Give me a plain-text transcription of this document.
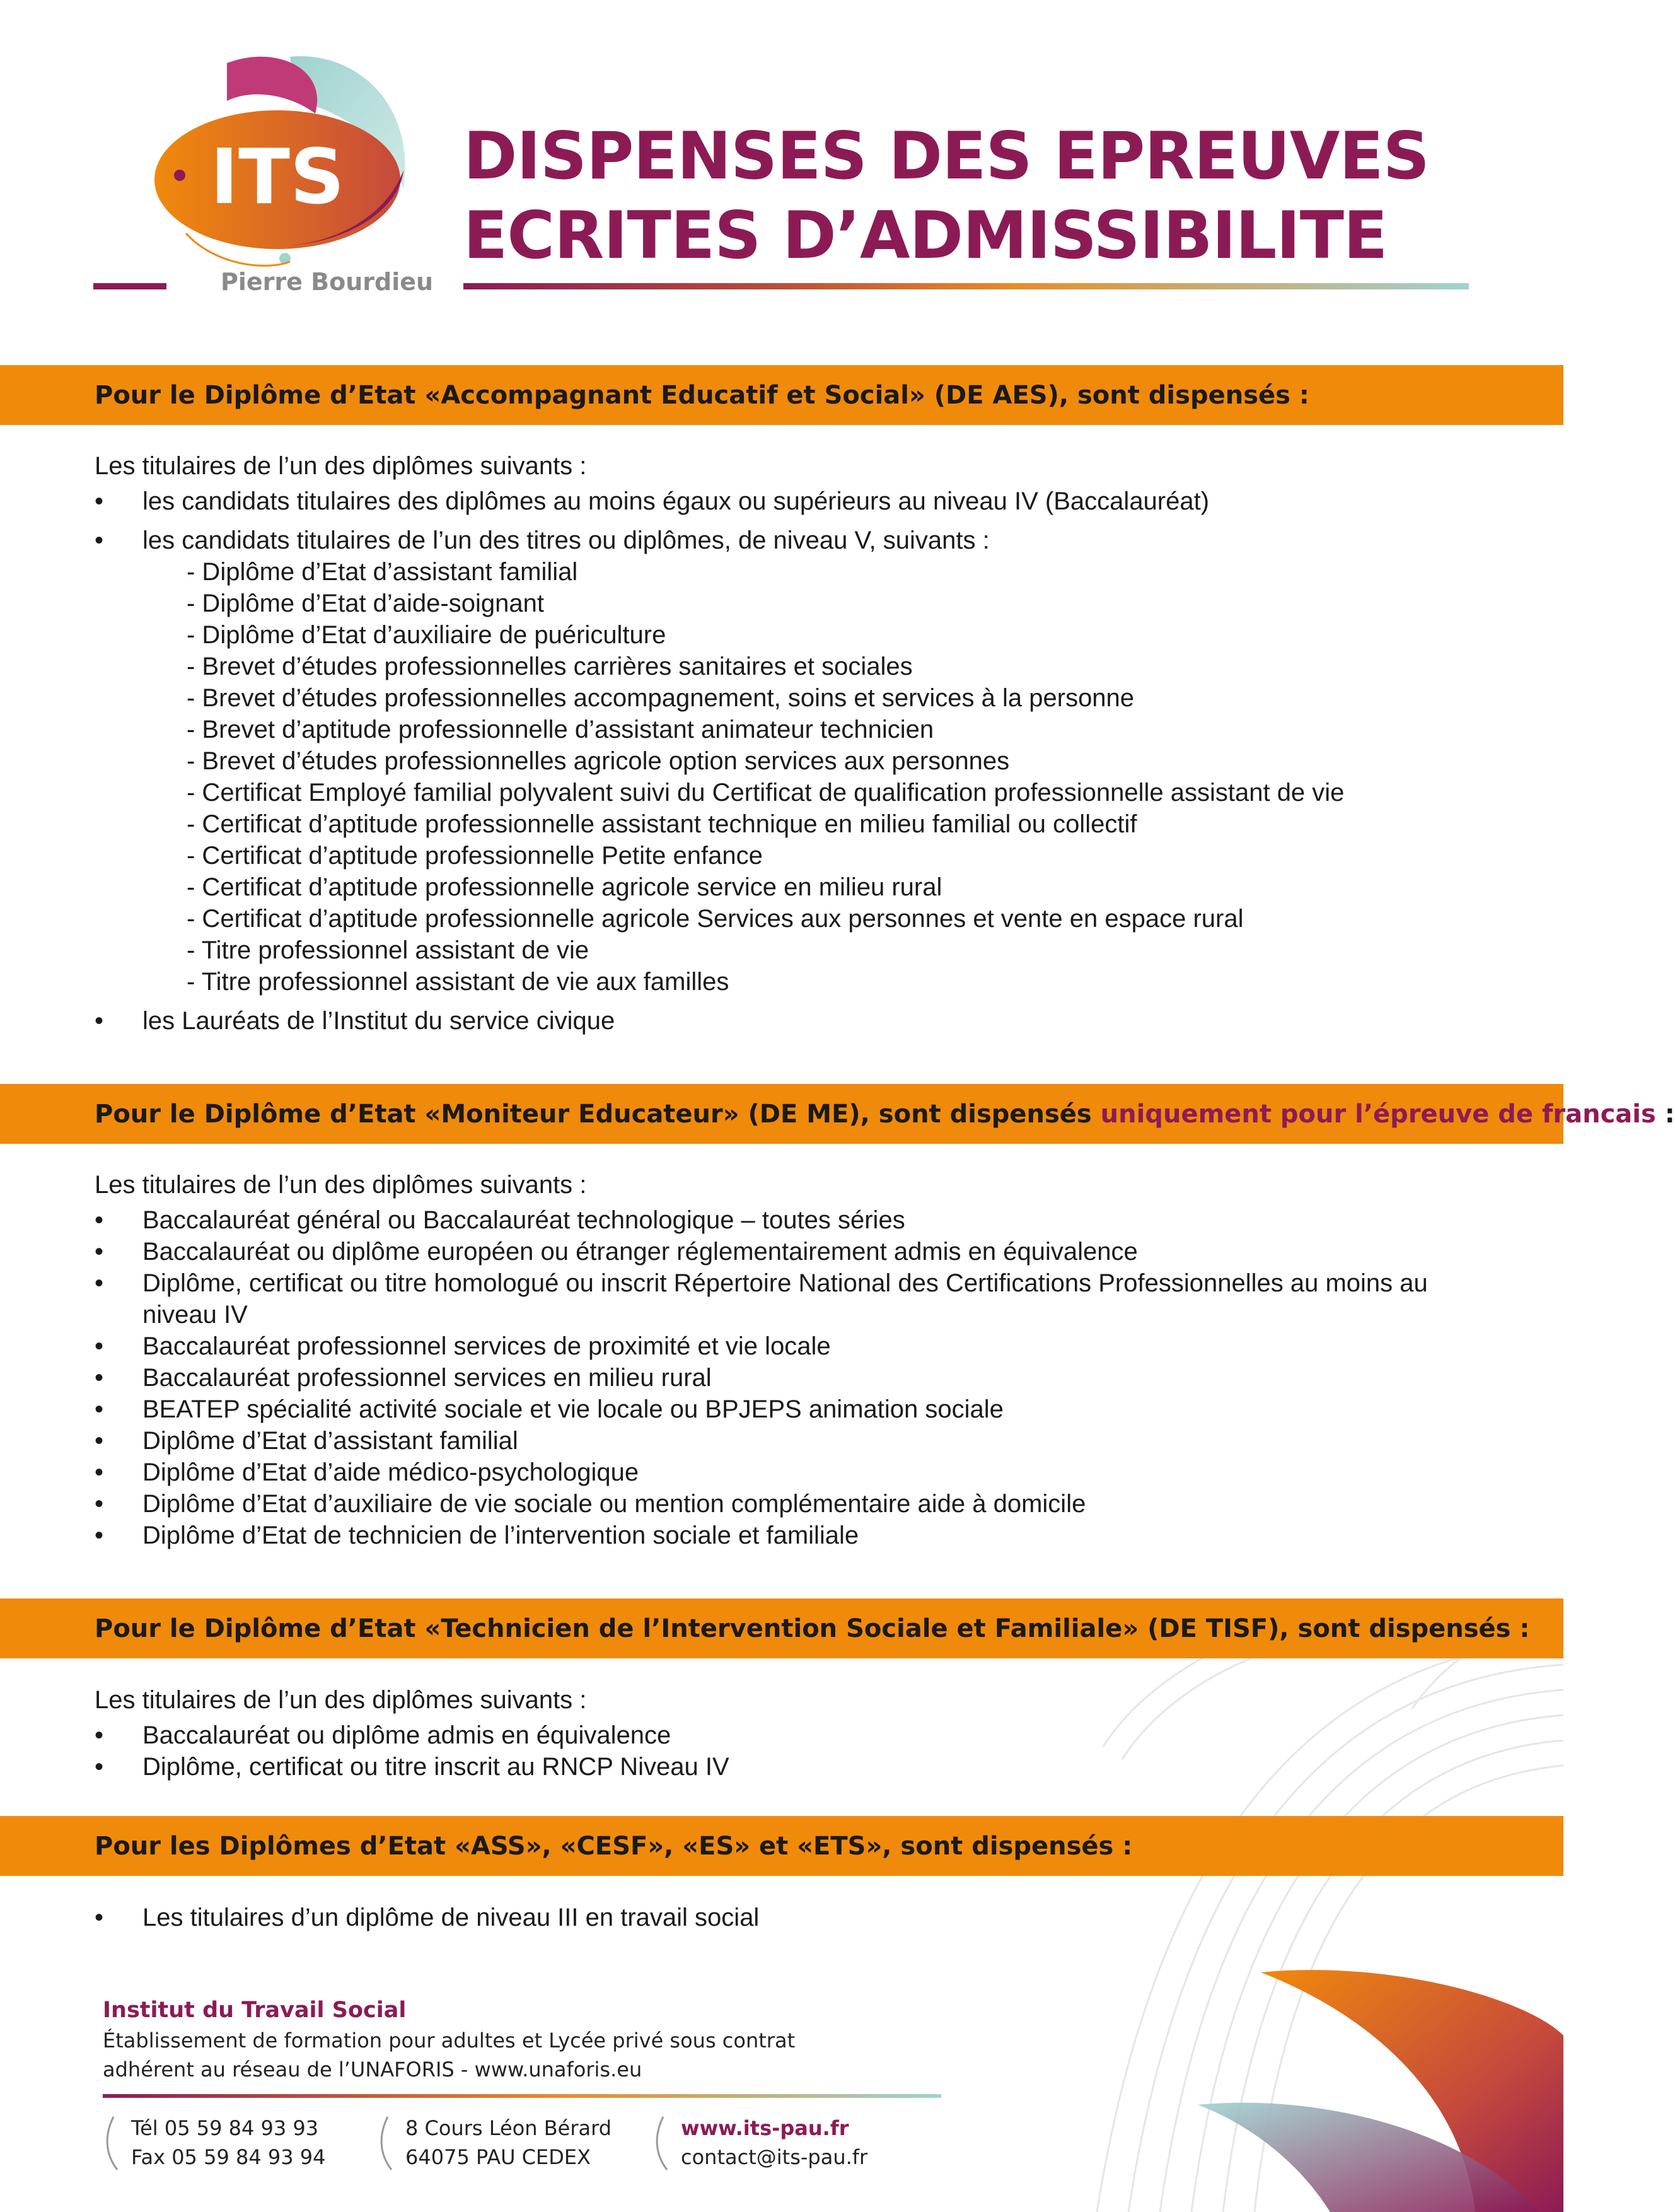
ITS
Pierre Bourdieu
DISPENSES DES EPREUVES
ECRITES D’ADMISSIBILITE
Pour le Diplôme d’Etat «Accompagnant Educatif et Social» (DE AES), sont dispensés :
Les titulaires de l’un des diplômes suivants :
• les candidats titulaires des diplômes au moins égaux ou supérieurs au niveau IV (Baccalauréat)
• les candidats titulaires de l’un des titres ou diplômes, de niveau V, suivants :
- Diplôme d’Etat d’assistant familial
- Diplôme d’Etat d’aide-soignant
- Diplôme d’Etat d’auxiliaire de puériculture
- Brevet d’études professionnelles carrières sanitaires et sociales
- Brevet d’études professionnelles accompagnement, soins et services à la personne
- Brevet d’aptitude professionnelle d’assistant animateur technicien
- Brevet d’études professionnelles agricole option services aux personnes
- Certificat Employé familial polyvalent suivi du Certificat de qualification professionnelle assistant de vie
- Certificat d’aptitude professionnelle assistant technique en milieu familial ou collectif
- Certificat d’aptitude professionnelle Petite enfance
- Certificat d’aptitude professionnelle agricole service en milieu rural
- Certificat d’aptitude professionnelle agricole Services aux personnes et vente en espace rural
- Titre professionnel assistant de vie
- Titre professionnel assistant de vie aux familles
• les Lauréats de l’Institut du service civique
Pour le Diplôme d’Etat «Moniteur Educateur» (DE ME), sont dispensés uniquement pour l’épreuve de francais :
Les titulaires de l’un des diplômes suivants :
• Baccalauréat général ou Baccalauréat technologique – toutes séries
• Baccalauréat ou diplôme européen ou étranger réglementairement admis en équivalence
• Diplôme, certificat ou titre homologué ou inscrit Répertoire National des Certifications Professionnelles au moins au niveau IV
• Baccalauréat professionnel services de proximité et vie locale
• Baccalauréat professionnel services en milieu rural
• BEATEP spécialité activité sociale et vie locale ou BPJEPS animation sociale
• Diplôme d’Etat d’assistant familial
• Diplôme d’Etat d’aide médico-psychologique
• Diplôme d’Etat d’auxiliaire de vie sociale ou mention complémentaire aide à domicile
• Diplôme d’Etat de technicien de l’intervention sociale et familiale
Pour le Diplôme d’Etat «Technicien de l’Intervention Sociale et Familiale» (DE TISF), sont dispensés :
Les titulaires de l’un des diplômes suivants :
• Baccalauréat ou diplôme admis en équivalence
• Diplôme, certificat ou titre inscrit au RNCP Niveau IV
Pour les Diplômes d’Etat «ASS», «CESF», «ES» et «ETS», sont dispensés :
• Les titulaires d’un diplôme de niveau III en travail social
Institut du Travail Social
Établissement de formation pour adultes et Lycée privé sous contrat
adhérent au réseau de l’UNAFORIS - www.unaforis.eu
Tél 05 59 84 93 93
Fax 05 59 84 93 94
8 Cours Léon Bérard
64075 PAU CEDEX
www.its-pau.fr
contact@its-pau.fr
